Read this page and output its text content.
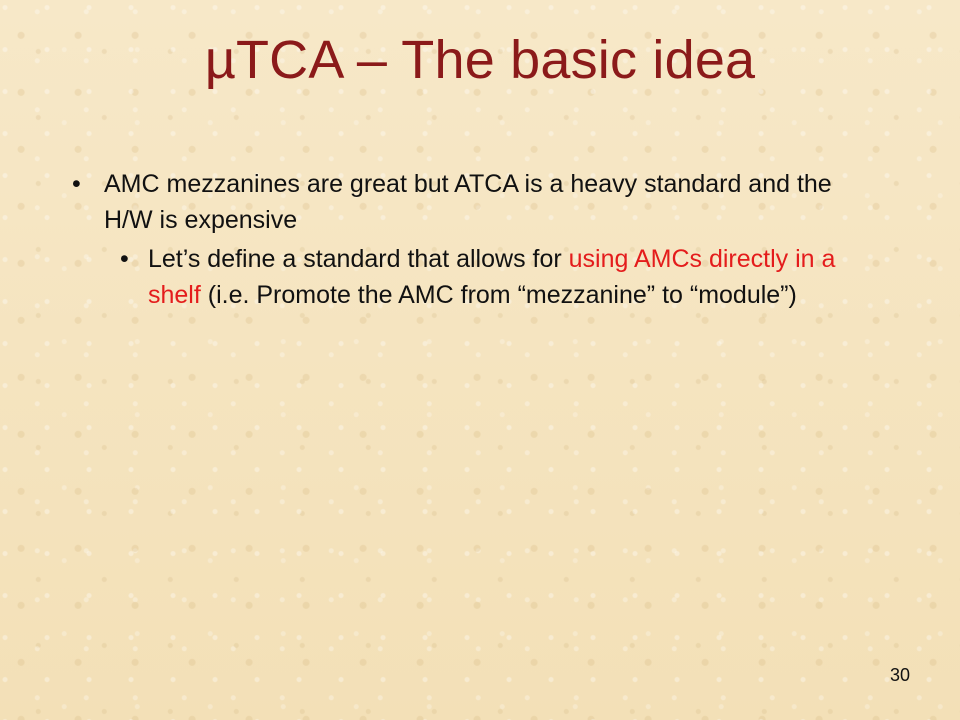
µTCA – The basic idea
• AMC mezzanines are great but ATCA is a heavy standard and the H/W is expensive
• Let’s define a standard that allows for using AMCs directly in a shelf (i.e. Promote the AMC from “mezzanine” to “module”)
30
